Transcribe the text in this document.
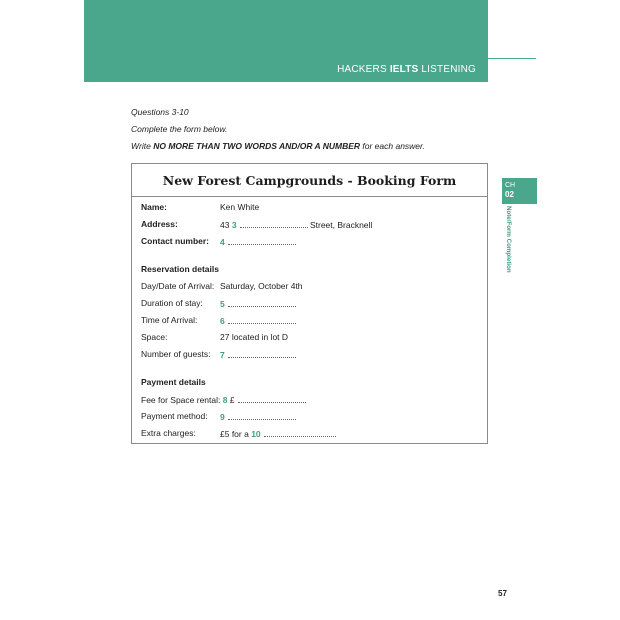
HACKERS IELTS LISTENING
Questions 3-10
Complete the form below.
Write NO MORE THAN TWO WORDS AND/OR A NUMBER for each answer.
New Forest Campgrounds - Booking Form
Name:	Ken White
Address:	43 3	Street, Bracknell
Contact number: 4
Reservation details
Day/Date of Arrival: Saturday, October 4th
Duration of stay: 5
Time of Arrival:	6
Space:	27 located in lot D
Number of guests: 7
Payment details
Fee for Space rental: 8 £
Payment method: 9
Extra charges:	£5 for a 10
CH
02
Note/Form Completion
57
